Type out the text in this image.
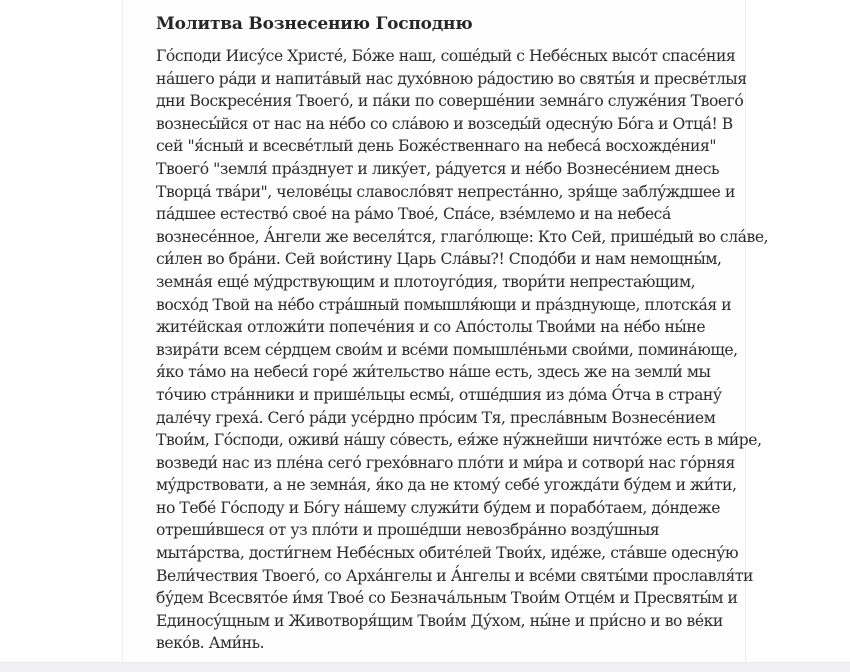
Молитва Вознесению Господню
Го́споди Иису́се Христе́, Бо́же наш, соше́дый с Небе́сных высо́т спасе́ния
на́шего ра́ди и напита́вый нас духо́вною ра́достию во святы́я и пресве́тлыя
дни Воскресе́ния Твоего́, и па́ки по соверше́нии земна́го служе́ния Твоего́
вознесы́йся от нас на не́бо со сла́вою и возседы́й одесну́ю Бо́га и Отца́! В
сей "я́сный и всесве́тлый день Боже́ственнаго на небеса́ восхожде́ния"
Твоего́ "земля́ пра́зднует и лику́ет, ра́дуется и не́бо Вознесе́нием днесь
Творца́ тва́ри", челове́цы славосло́вят непреста́нно, зря́ще заблу́ждшее и
па́дшее естество́ свое́ на ра́мо Твое́, Спа́се, взе́млемо и на небеса́
вознесе́нное, А́нгели же веселя́тся, глаго́люще: Кто Сей, прише́дый во сла́ве,
си́лен во бра́ни. Сей вои́стину Царь Сла́вы?! Сподо́би и нам немощны́м,
земна́я еще́ му́дрствующим и плотоуго́дия, твори́ти непрестаю́щим,
восхо́д Твой на не́бо стра́шный помышля́ющи и пра́зднующе, плотска́я и
жите́йская отложи́ти попече́ния и со Апо́столы Твои́ми на не́бо ны́не
взира́ти всем се́рдцем свои́м и все́ми помышле́ньми свои́ми, помина́юще,
я́ко та́мо на небеси́ горе́ жи́тельство на́ше есть, здесь же на земли́ мы
то́чию стра́нники и прише́льцы есмы́, отше́дшия из до́ма О́тча в страну́
дале́чу греха́. Сего́ ра́ди усе́рдно про́сим Тя, пресла́вным Вознесе́нием
Твои́м, Го́споди, оживи́ на́шу со́весть, ея́же ну́жнейши ничто́же есть в ми́ре,
возведи́ нас из пле́на сего́ грехо́внаго пло́ти и ми́ра и сотвори́ нас го́рняя
му́дрствовати, а не земна́я, я́ко да не ктому́ себе́ угожда́ти бу́дем и жи́ти,
но Тебе́ Го́споду и Бо́гу на́шему служи́ти бу́дем и порабо́таем, до́ндеже
отреши́вшеся от уз пло́ти и проше́дши невозбра́нно возду́шныя
мыта́рства, дости́гнем Небе́сных обите́лей Твои́х, иде́же, ста́вше одесну́ю
Вели́чествия Твоего́, со Арха́нгелы и А́нгелы и все́ми святы́ми прославля́ти
бу́дем Всесвято́е и́мя Твое́ со Безнача́льным Твои́м Отце́м и Пресвяты́м и
Единосу́щным и Животворя́щим Твои́м Ду́хом, ны́не и при́сно и во ве́ки
веко́в. Ами́нь.
